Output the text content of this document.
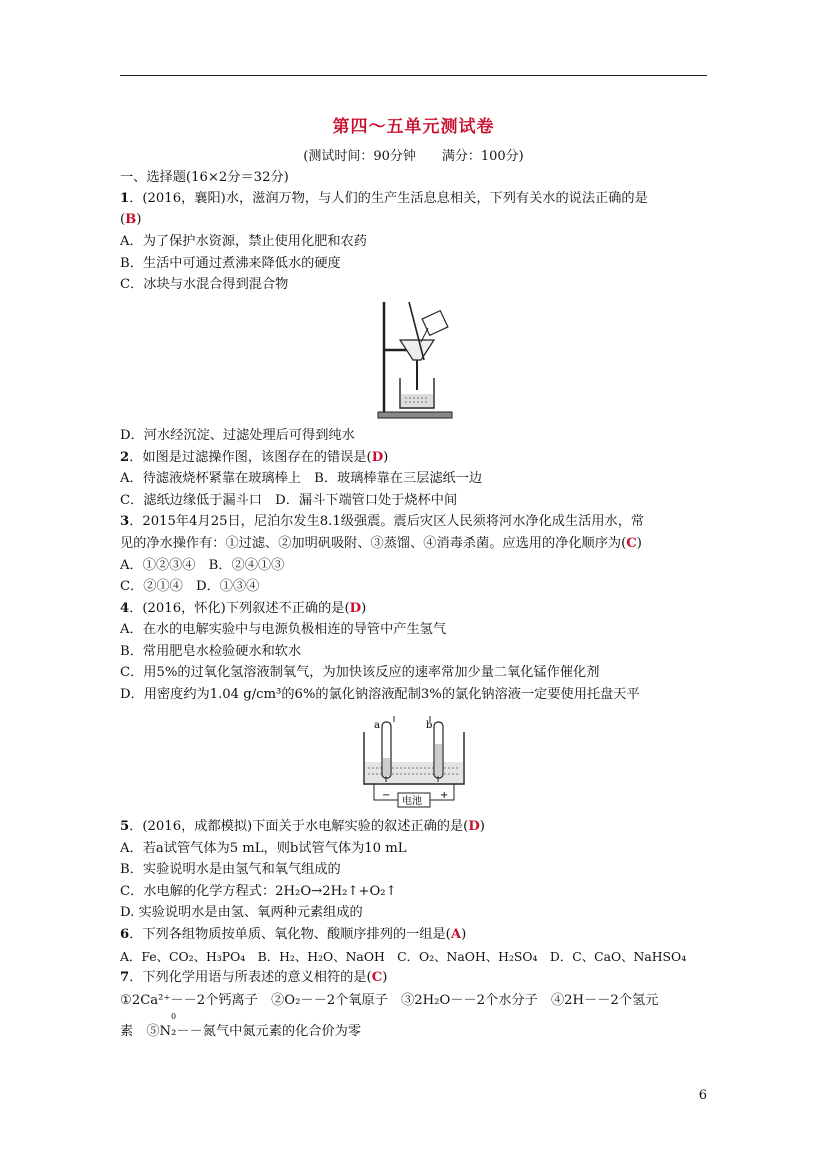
第四～五单元测试卷
(测试时间：90分钟　　满分：100分)
一、选择题(16×2分＝32分)
1．(2016，襄阳)水，滋润万物，与人们的生产生活息息相关，下列有关水的说法正确的是
(B)
A．为了保护水资源，禁止使用化肥和农药
B．生活中可通过煮沸来降低水的硬度
C．冰块与水混合得到混合物
D．河水经沉淀、过滤处理后可得到纯水
2．如图是过滤操作图，该图存在的错误是(D)
A．待滤液烧杯紧靠在玻璃棒上　B．玻璃棒靠在三层滤纸一边
C．滤纸边缘低于漏斗口　D．漏斗下端管口处于烧杯中间
3．2015年4月25日，尼泊尔发生8.1级强震。震后灾区人民须将河水净化成生活用水，常
见的净水操作有：①过滤、②加明矾吸附、③蒸馏、④消毒杀菌。应选用的净化顺序为(C)
A．①②③④　B．②④①③
C．②①④　D．①③④
4．(2016，怀化)下列叙述不正确的是(D)
A．在水的电解实验中与电源负极相连的导管中产生氢气
B．常用肥皂水检验硬水和软水
C．用5%的过氧化氢溶液制氧气，为加快该反应的速率常加少量二氧化锰作催化剂
D．用密度约为1.04 g/cm³的6%的氯化钠溶液配制3%的氯化钠溶液一定要使用托盘天平
a	b
电池
−	+
5．(2016，成都模拟)下面关于水电解实验的叙述正确的是(D)
A．若a试管气体为5 mL，则b试管气体为10 mL
B．实验说明水是由氢气和氧气组成的
C．水电解的化学方程式：2H₂O→2H₂↑+O₂↑
D. 实验说明水是由氢、氧两种元素组成的
6．下列各组物质按单质、氧化物、酸顺序排列的一组是(A)
A．Fe、CO₂、H₃PO₄　B．H₂、H₂O、NaOH　C．O₂、NaOH、H₂SO₄　D．C、CaO、NaHSO₄
7．下列化学用语与所表述的意义相符的是(C)
①2Ca²⁺－－2个钙离子　②O₂－－2个氧原子　③2H₂O－－2个水分子　④2H－－2个氢元
0
素　⑤N₂－－氮气中氮元素的化合价为零
6
